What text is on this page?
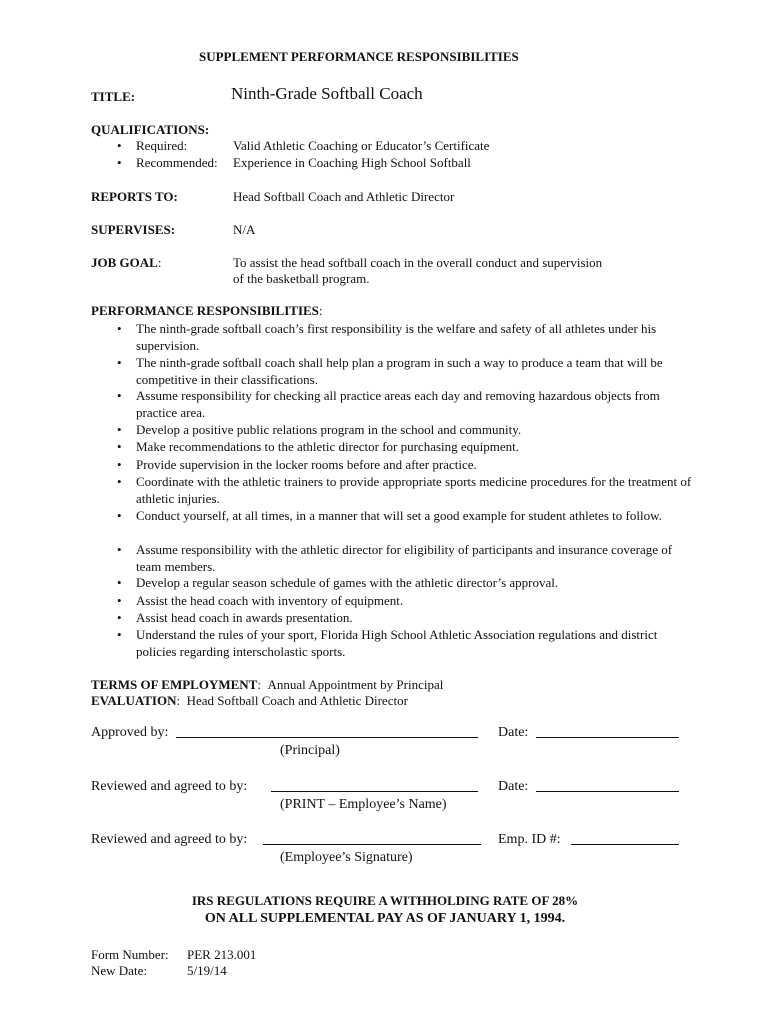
SUPPLEMENT PERFORMANCE RESPONSIBILITIES
TITLE:	Ninth-Grade Softball Coach
QUALIFICATIONS:
• Required:	Valid Athletic Coaching or Educator’s Certificate
• Recommended: Experience in Coaching High School Softball
REPORTS TO:	Head Softball Coach and Athletic Director
SUPERVISES:	N/A
JOB GOAL:	To assist the head softball coach in the overall conduct and supervision
of the basketball program.
PERFORMANCE RESPONSIBILITIES:
• The ninth-grade softball coach’s first responsibility is the welfare and safety of all athletes under his supervision.
• The ninth-grade softball coach shall help plan a program in such a way to produce a team that will be competitive in their classifications.
• Assume responsibility for checking all practice areas each day and removing hazardous objects from practice area.
• Develop a positive public relations program in the school and community.
• Make recommendations to the athletic director for purchasing equipment.
• Provide supervision in the locker rooms before and after practice.
• Coordinate with the athletic trainers to provide appropriate sports medicine procedures for the treatment of athletic injuries.
• Conduct yourself, at all times, in a manner that will set a good example for student athletes to follow.
• Assume responsibility with the athletic director for eligibility of participants and insurance coverage of team members.
• Develop a regular season schedule of games with the athletic director’s approval.
• Assist the head coach with inventory of equipment.
• Assist head coach in awards presentation.
• Understand the rules of your sport, Florida High School Athletic Association regulations and district policies regarding interscholastic sports.
TERMS OF EMPLOYMENT: Annual Appointment by Principal
EVALUATION: Head Softball Coach and Athletic Director
Approved by:
(Principal)
Date:
Reviewed and agreed to by:
(PRINT – Employee’s Name)
Date:
Reviewed and agreed to by:
(Employee’s Signature)
Emp. ID #:
IRS REGULATIONS REQUIRE A WITHHOLDING RATE OF 28%
ON ALL SUPPLEMENTAL PAY AS OF JANUARY 1, 1994.
Form Number: PER 213.001
New Date:	5/19/14
